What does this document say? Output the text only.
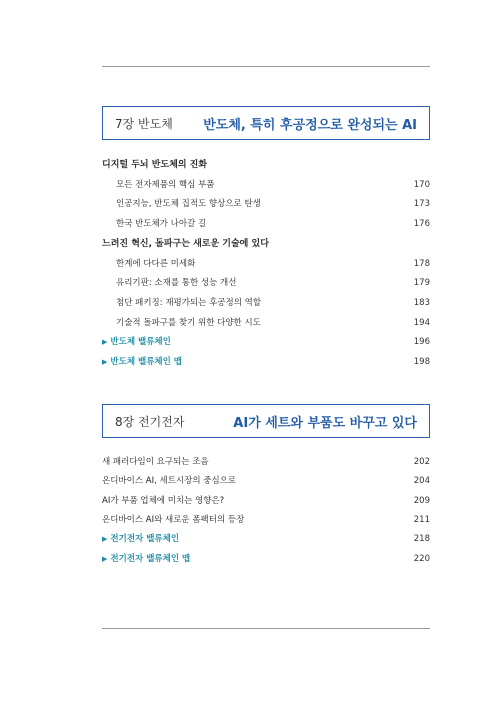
7장 반도체 반도체, 특히 후공정으로 완성되는 AI
디지털 두뇌 반도체의 진화
모든 전자제품의 핵심 부품	170
인공지능, 반도체 집적도 향상으로 탄생	173
한국 반도체가 나아갈 길	176
느려진 혁신, 돌파구는 새로운 기술에 있다
한계에 다다른 미세화	178
유리기판: 소재를 통한 성능 개선	179
첨단 패키징: 재평가되는 후공정의 역할	183
기술적 돌파구를 찾기 위한 다양한 시도	194
▶ 반도체 밸류체인	196
▶ 반도체 밸류체인 맵	198
8장 전기전자	AI가 세트와 부품도 바꾸고 있다
새 패러다임이 요구되는 조음	202
온디바이스 AI, 세트시장의 중심으로	204
AI가 부품 업체에 미치는 영향은?	209
온디바이스 AI와 새로운 폼팩터의 등장	211
▶ 전기전자 밸류체인	218
▶ 전기전자 밸류체인 맵	220
